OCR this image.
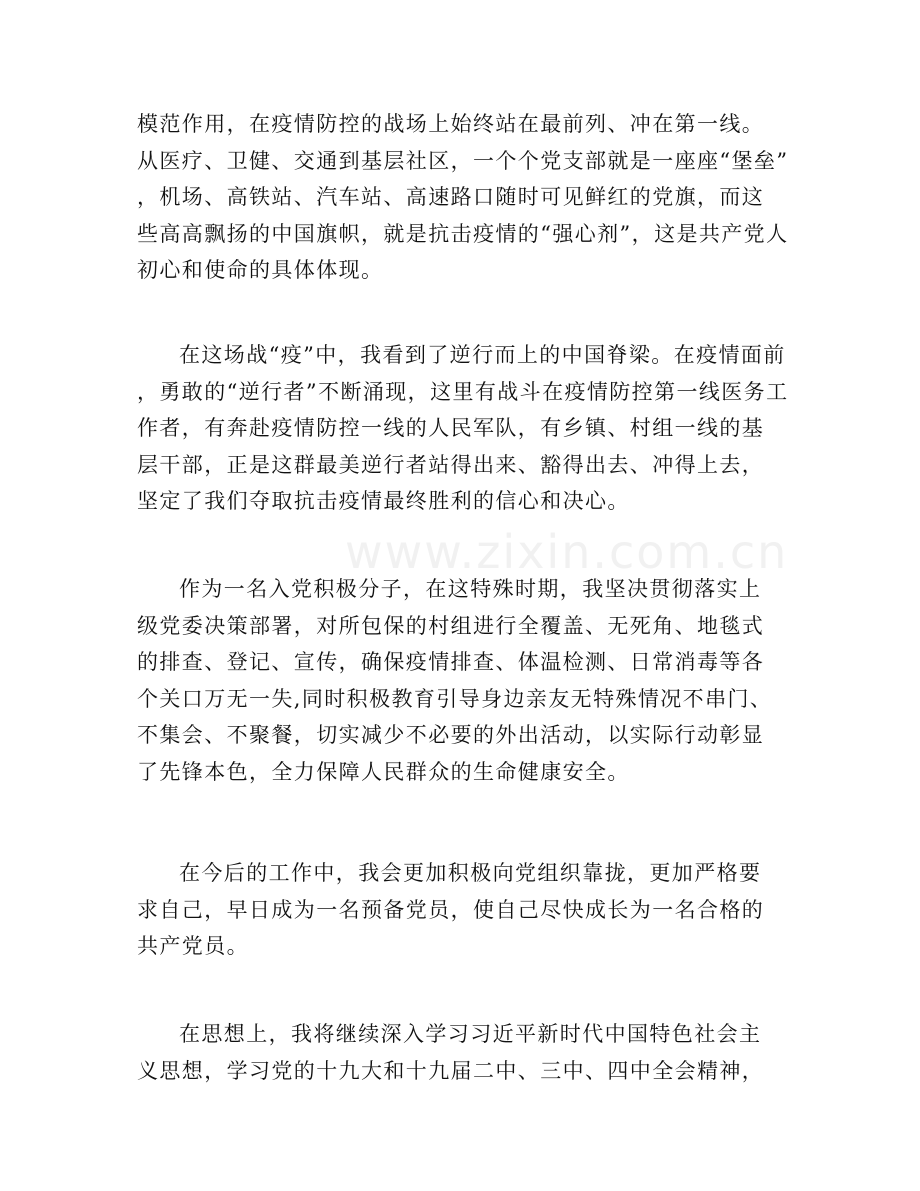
www.zixin.com.cn

模范作用，在疫情防控的战场上始终站在最前列、冲在第一线。

从医疗、卫健、交通到基层社区，一个个党支部就是一座座“堡垒”

，机场、高铁站、汽车站、高速路口随时可见鲜红的党旗，而这

些高高飘扬的中国旗帜，就是抗击疫情的“强心剂”，这是共产党人

初心和使命的具体体现。

在这场战“疫”中，我看到了逆行而上的中国脊梁。在疫情面前

，勇敢的“逆行者”不断涌现，这里有战斗在疫情防控第一线医务工

作者，有奔赴疫情防控一线的人民军队，有乡镇、村组一线的基

层干部，正是这群最美逆行者站得出来、豁得出去、冲得上去，

坚定了我们夺取抗击疫情最终胜利的信心和决心。

作为一名入党积极分子，在这特殊时期，我坚决贯彻落实上

级党委决策部署，对所包保的村组进行全覆盖、无死角、地毯式

的排查、登记、宣传，确保疫情排查、体温检测、日常消毒等各

个关口万无一失,同时积极教育引导身边亲友无特殊情况不串门、

不集会、不聚餐，切实减少不必要的外出活动，以实际行动彰显

了先锋本色，全力保障人民群众的生命健康安全。

在今后的工作中，我会更加积极向党组织靠拢，更加严格要

求自己，早日成为一名预备党员，使自己尽快成长为一名合格的

共产党员。

在思想上，我将继续深入学习习近平新时代中国特色社会主

义思想，学习党的十九大和十九届二中、三中、四中全会精神，
